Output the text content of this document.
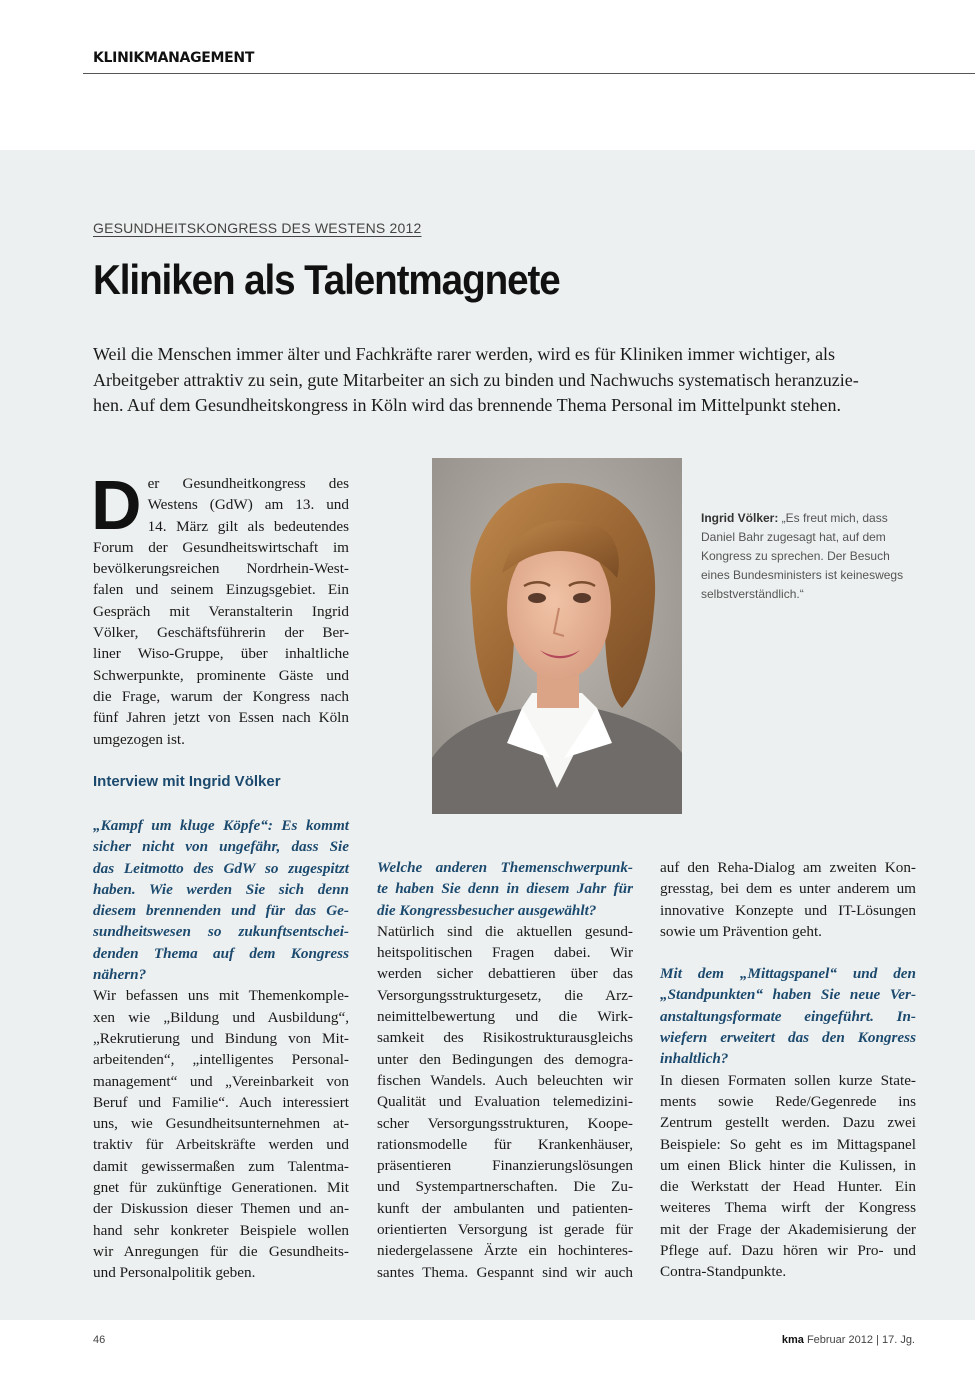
KLINIKMANAGEMENT
GESUNDHEITSKONGRESS DES WESTENS 2012
Kliniken als Talentmagnete

Weil die Menschen immer älter und Fachkräfte rarer werden, wird es für Kliniken immer wichtiger, als
Arbeitgeber attraktiv zu sein, gute Mitarbeiter an sich zu binden und Nachwuchs systematisch heranzuzie-
hen. Auf dem Gesundheitskongress in Köln wird das brennende Thema Personal im Mittelpunkt stehen.

D er Gesundheitkongress des
Westens (GdW) am 13. und
14. März gilt als bedeutendes
Forum der Gesundheitswirtschaft im
bevölkerungsreichen Nordrhein-West-
falen und seinem Einzugsgebiet. Ein
Gespräch mit Veranstalterin Ingrid
Völker, Geschäftsführerin der Ber-
liner Wiso-Gruppe, über inhaltliche
Schwerpunkte, prominente Gäste und
die Frage, warum der Kongress nach
fünf Jahren jetzt von Essen nach Köln
umgezogen ist.
Interview mit Ingrid Völker
„Kampf um kluge Köpfe“: Es kommt
sicher nicht von ungefähr, dass Sie
das Leitmotto des GdW so zugespitzt
haben. Wie werden Sie sich denn
diesem brennenden und für das Ge-
sundheitswesen so zukunftsentschei-
denden Thema auf dem Kongress
nähern?
Wir befassen uns mit Themenkomple-
xen wie „Bildung und Ausbildung“,
„Rekrutierung und Bindung von Mit-
arbeitenden“, „intelligentes Personal-
management“ und „Vereinbarkeit von
Beruf und Familie“. Auch interessiert
uns, wie Gesundheitsunternehmen at-
traktiv für Arbeitskräfte werden und
damit gewissermaßen zum Talentma-
gnet für zukünftige Generationen. Mit
der Diskussion dieser Themen und an-
hand sehr konkreter Beispiele wollen
wir Anregungen für die Gesundheits-
und Personalpolitik geben.
Ingrid Völker: „Es freut mich, dass
Daniel Bahr zugesagt hat, auf dem
Kongress zu sprechen. Der Besuch
eines Bundesministers ist keineswegs
selbstverständlich.“
Welche anderen Themenschwerpunk-
te haben Sie denn in diesem Jahr für
die Kongressbesucher ausgewählt?
Natürlich sind die aktuellen gesund-
heitspolitischen Fragen dabei. Wir
werden sicher debattieren über das
Versorgungsstrukturgesetz, die Arz-
neimittelbewertung und die Wirk-
samkeit des Risikostrukturausgleichs
unter den Bedingungen des demogra-
fischen Wandels. Auch beleuchten wir
Qualität und Evaluation telemedizini-
scher Versorgungsstrukturen, Koope-
rationsmodelle für Krankenhäuser,
präsentieren Finanzierungslösungen
und Systempartnerschaften. Die Zu-
kunft der ambulanten und patienten-
orientierten Versorgung ist gerade für
niedergelassene Ärzte ein hochinteres-
santes Thema. Gespannt sind wir auch
auf den Reha-Dialog am zweiten Kon-
gresstag, bei dem es unter anderem um
innovative Konzepte und IT-Lösungen
sowie um Prävention geht.
Mit dem „Mittagspanel“ und den
„Standpunkten“ haben Sie neue Ver-
anstaltungsformate eingeführt. In-
wiefern erweitert das den Kongress
inhaltlich?
In diesen Formaten sollen kurze State-
ments sowie Rede/Gegenrede ins
Zentrum gestellt werden. Dazu zwei
Beispiele: So geht es im Mittagspanel
um einen Blick hinter die Kulissen, in
die Werkstatt der Head Hunter. Ein
weiteres Thema wirft der Kongress
mit der Frage der Akademisierung der
Pflege auf. Dazu hören wir Pro- und
Contra-Standpunkte.
46	kma Februar 2012 | 17. Jg.
